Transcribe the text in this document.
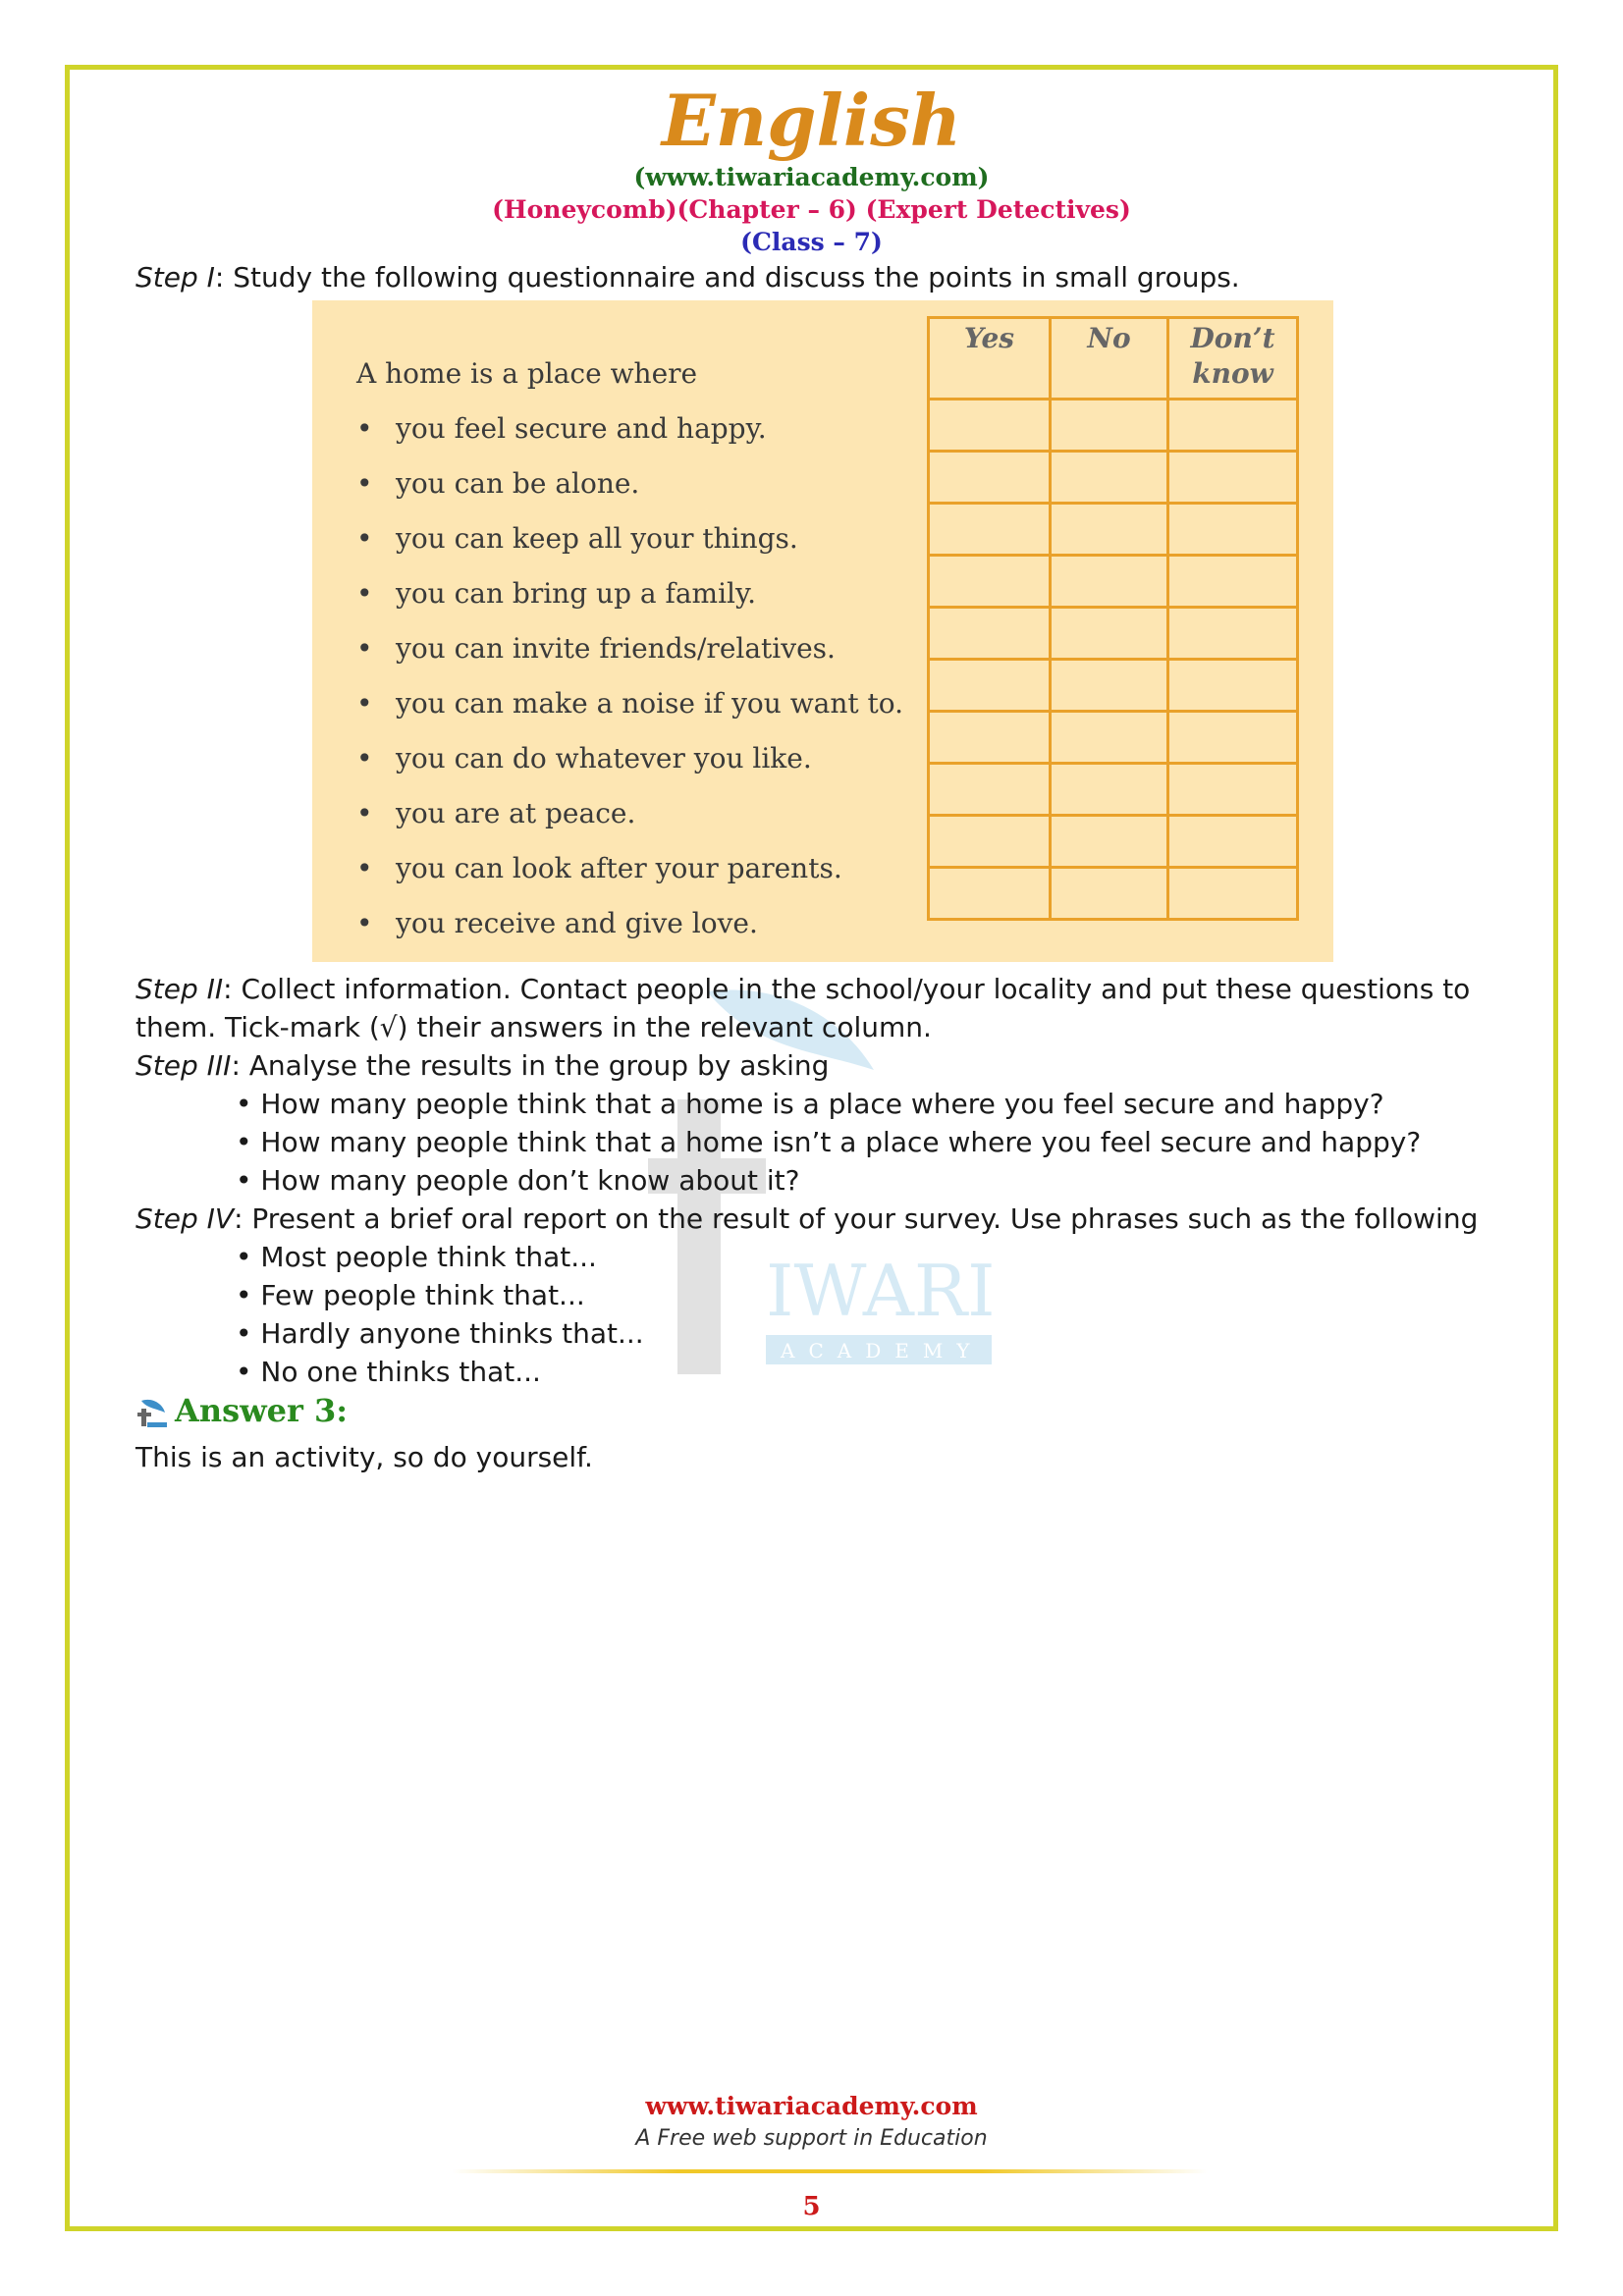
English
(www.tiwariacademy.com)
(Honeycomb)(Chapter – 6) (Expert Detectives)
(Class – 7)
IWARI
ACADEMY
Step I: Study the following questionnaire and discuss the points in small groups.
A home is a place where
• you feel secure and happy.
• you can be alone.
• you can keep all your things.
• you can bring up a family.
• you can invite friends/relatives.
• you can make a noise if you want to.
• you can do whatever you like.
• you are at peace.
• you can look after your parents.
• you receive and give love.
Yes	No	Don’t know

Step II: Collect information. Contact people in the school/your locality and put these questions to
them. Tick-mark (√) their answers in the relevant column.
Step III: Analyse the results in the group by asking
• How many people think that a home is a place where you feel secure and happy?
• How many people think that a home isn’t a place where you feel secure and happy?
• How many people don’t know about it?
Step IV: Present a brief oral report on the result of your survey. Use phrases such as the following
• Most people think that...
• Few people think that...
• Hardly anyone thinks that...
• No one thinks that...
Answer 3:
This is an activity, so do yourself.
www.tiwariacademy.com
A Free web support in Education
5
